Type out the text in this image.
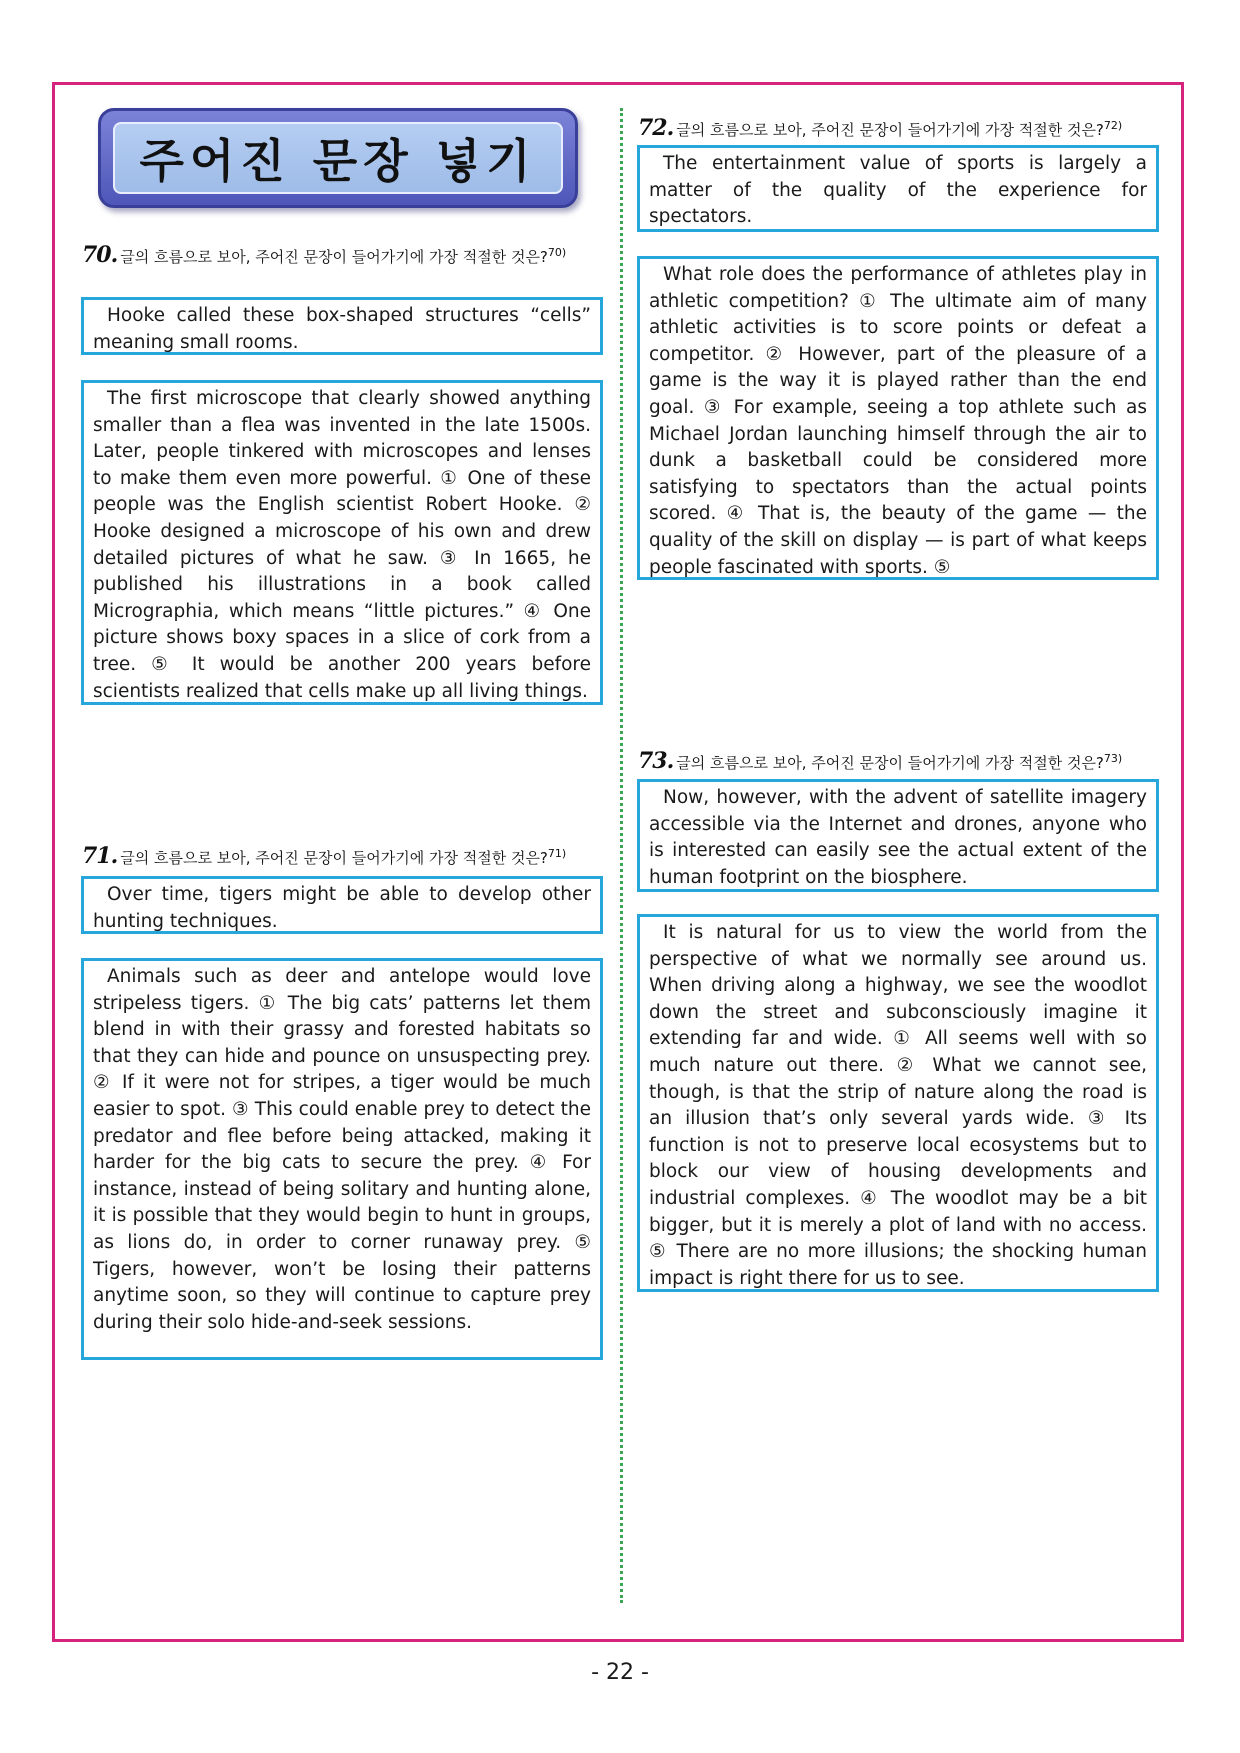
주어진 문장 넣기
70. 글의 흐름으로 보아, 주어진 문장이 들어가기에 가장 적절한 것은?$^{70)}$

Hooke called these box-shaped structures “cells” meaning small rooms.

The first microscope that clearly showed anything smaller than a flea was invented in the late 1500s. Later, people tinkered with microscopes and lenses to make them even more powerful. ① One of these people was the English scientist Robert Hooke. ② Hooke designed a microscope of his own and drew detailed pictures of what he saw. ③ In 1665, he published his illustrations in a book called Micrographia, which means “little pictures.” ④ One picture shows boxy spaces in a slice of cork from a tree. ⑤ It would be another 200 years before scientists realized that cells make up all living things.

71. 글의 흐름으로 보아, 주어진 문장이 들어가기에 가장 적절한 것은?$^{71)}$

Over time, tigers might be able to develop other hunting techniques.

Animals such as deer and antelope would love stripeless tigers. ① The big cats’ patterns let them blend in with their grassy and forested habitats so that they can hide and pounce on unsuspecting prey. ② If it were not for stripes, a tiger would be much easier to spot. ③ This could enable prey to detect the predator and flee before being attacked, making it harder for the big cats to secure the prey. ④ For instance, instead of being solitary and hunting alone, it is possible that they would begin to hunt in groups, as lions do, in order to corner runaway prey. ⑤ Tigers, however, won’t be losing their patterns anytime soon, so they will continue to capture prey during their solo hide-and-seek sessions.

72. 글의 흐름으로 보아, 주어진 문장이 들어가기에 가장 적절한 것은?$^{72)}$

The entertainment value of sports is largely a matter of the quality of the experience for spectators.

What role does the performance of athletes play in athletic competition? ① The ultimate aim of many athletic activities is to score points or defeat a competitor. ② However, part of the pleasure of a game is the way it is played rather than the end goal. ③ For example, seeing a top athlete such as Michael Jordan launching himself through the air to dunk a basketball could be considered more satisfying to spectators than the actual points scored. ④ That is, the beauty of the game — the quality of the skill on display — is part of what keeps people fascinated with sports. ⑤

73. 글의 흐름으로 보아, 주어진 문장이 들어가기에 가장 적절한 것은?$^{73)}$

Now, however, with the advent of satellite imagery accessible via the Internet and drones, anyone who is interested can easily see the actual extent of the human footprint on the biosphere.

It is natural for us to view the world from the perspective of what we normally see around us. When driving along a highway, we see the woodlot down the street and subconsciously imagine it extending far and wide. ① All seems well with so much nature out there. ② What we cannot see, though, is that the strip of nature along the road is an illusion that’s only several yards wide. ③ Its function is not to preserve local ecosystems but to block our view of housing developments and industrial complexes. ④ The woodlot may be a bit bigger, but it is merely a plot of land with no access. ⑤ There are no more illusions; the shocking human impact is right there for us to see.

- 22 -
